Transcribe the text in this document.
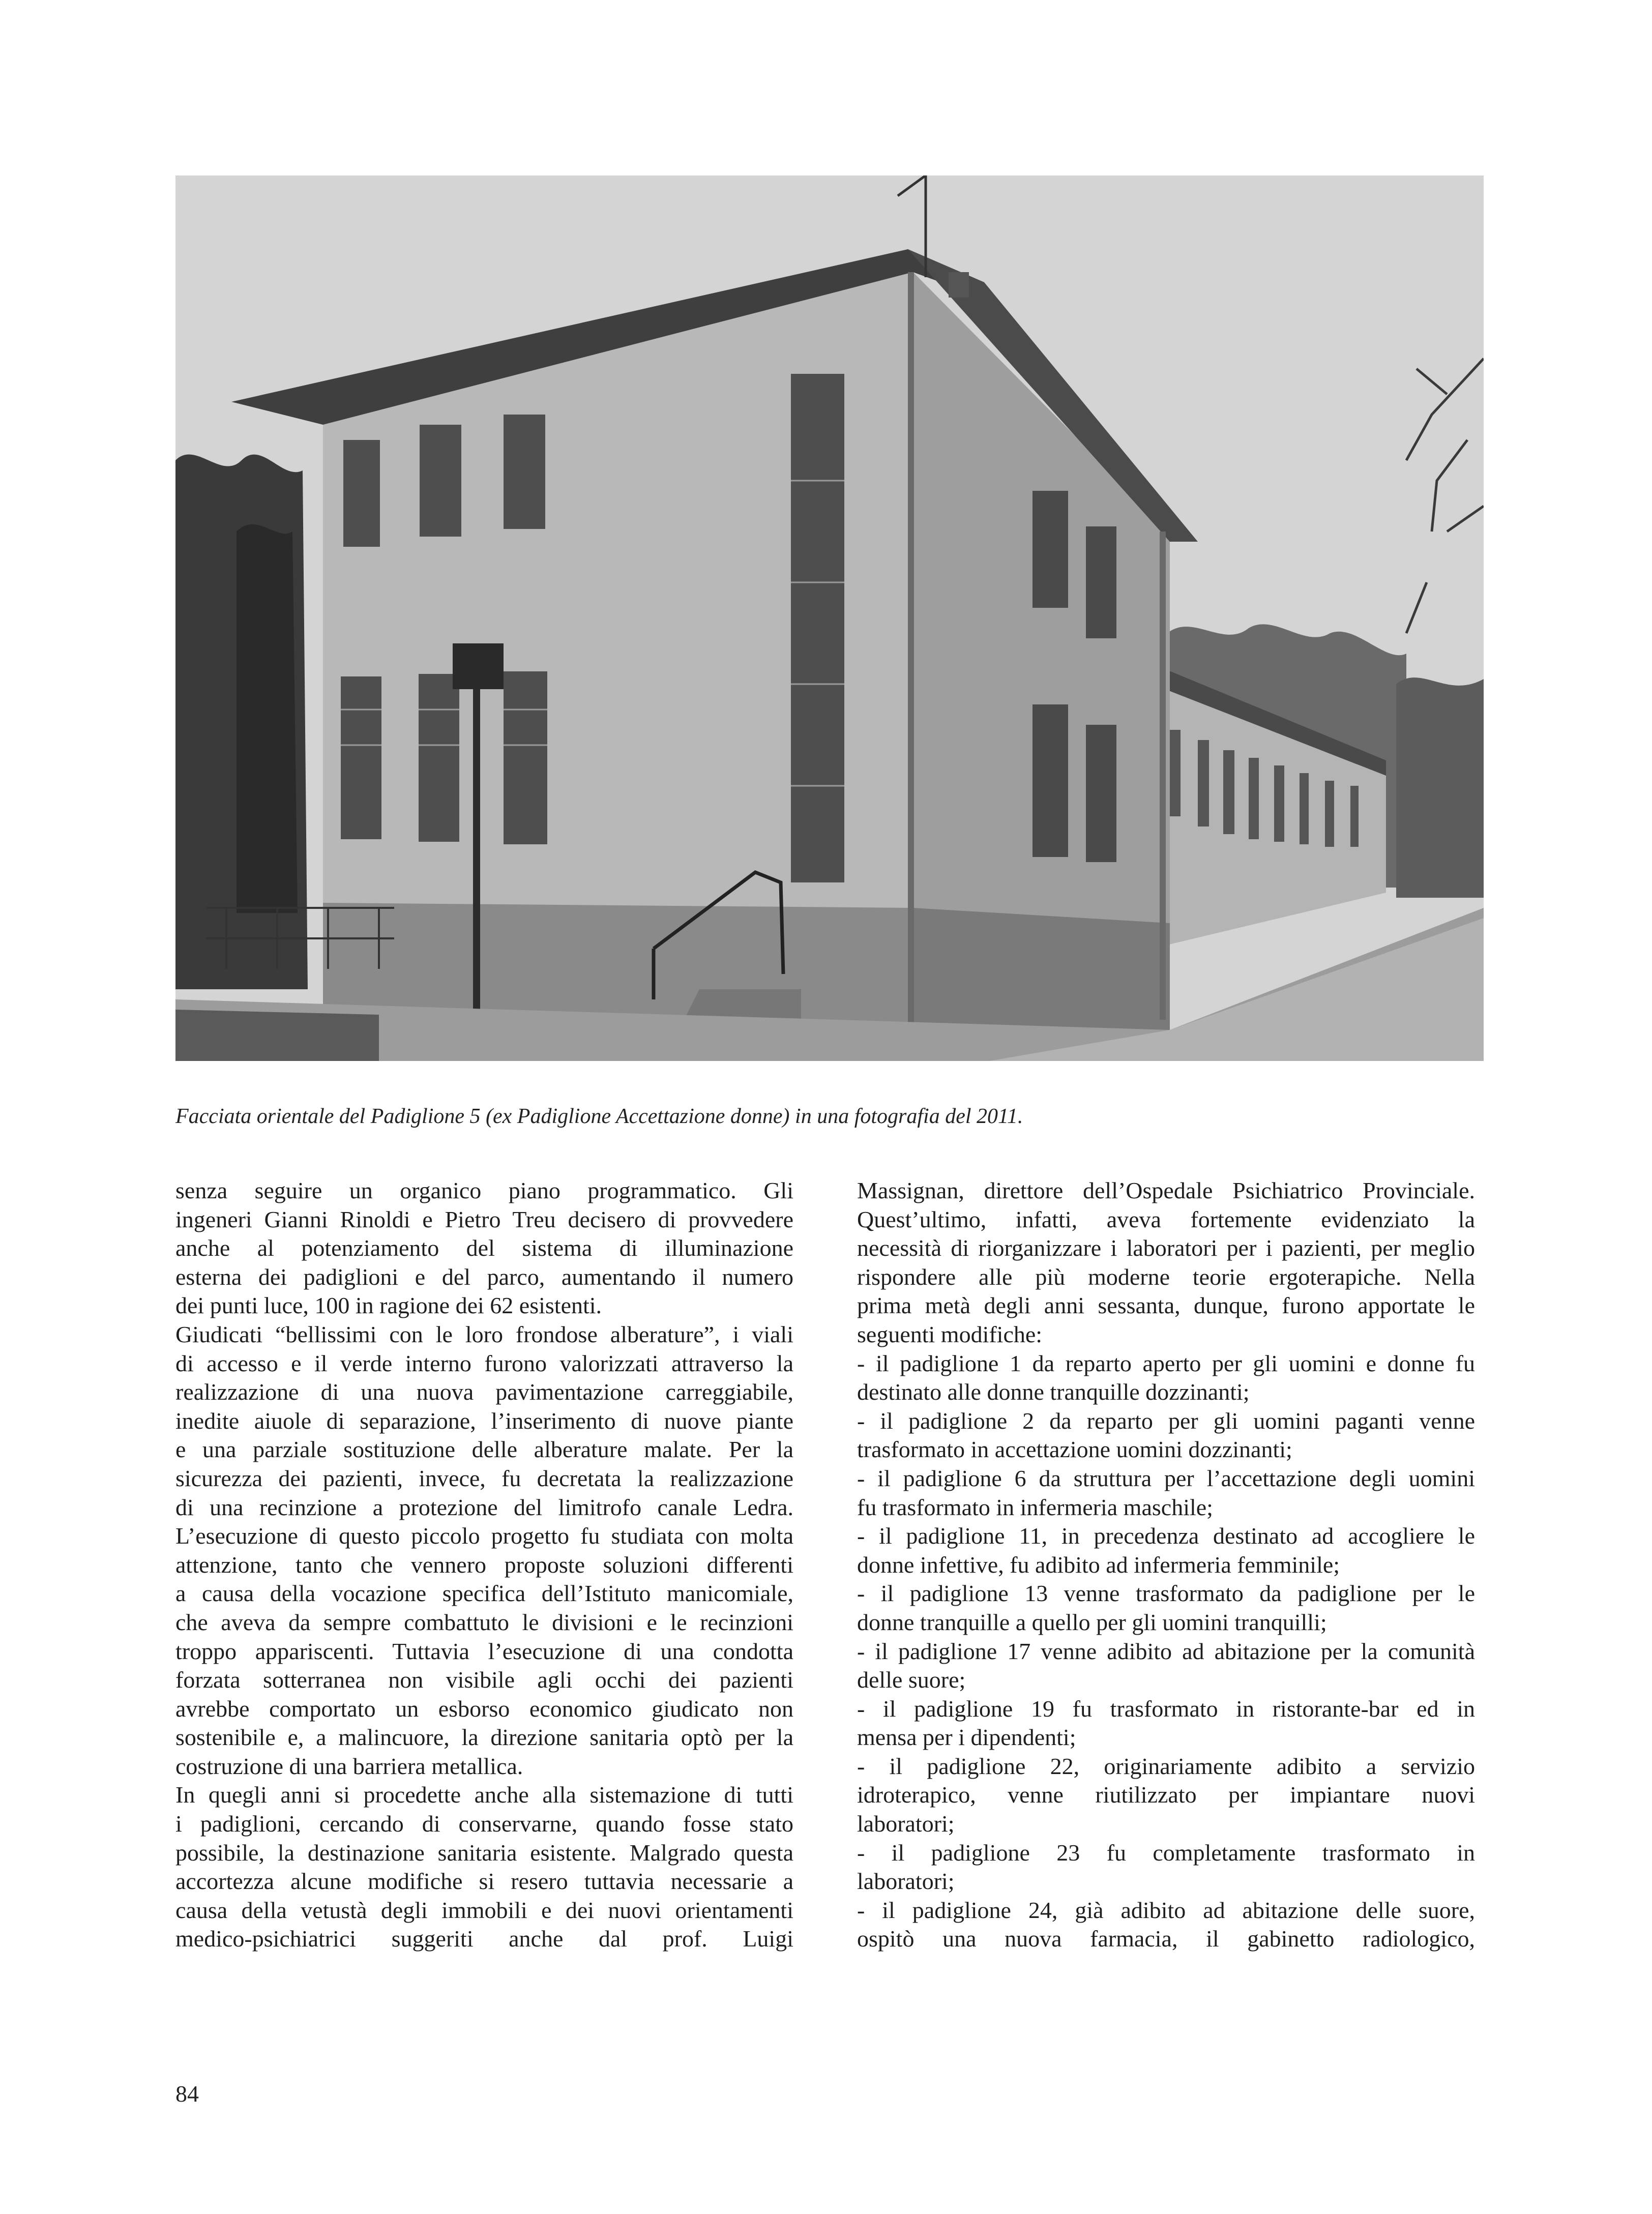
Facciata orientale del Padiglione 5 (ex Padiglione Accettazione donne) in una fotografia del 2011.
senza seguire un organico piano programmatico. Gli
ingeneri Gianni Rinoldi e Pietro Treu decisero di provvedere
anche al potenziamento del sistema di illuminazione
esterna dei padiglioni e del parco, aumentando il numero
dei punti luce, 100 in ragione dei 62 esistenti.
Giudicati “bellissimi con le loro frondose alberature”, i viali
di accesso e il verde interno furono valorizzati attraverso la
realizzazione di una nuova pavimentazione carreggiabile,
inedite aiuole di separazione, l’inserimento di nuove piante
e una parziale sostituzione delle alberature malate. Per la
sicurezza dei pazienti, invece, fu decretata la realizzazione
di una recinzione a protezione del limitrofo canale Ledra.
L’esecuzione di questo piccolo progetto fu studiata con molta
attenzione, tanto che vennero proposte soluzioni differenti
a causa della vocazione specifica dell’Istituto manicomiale,
che aveva da sempre combattuto le divisioni e le recinzioni
troppo appariscenti. Tuttavia l’esecuzione di una condotta
forzata sotterranea non visibile agli occhi dei pazienti
avrebbe comportato un esborso economico giudicato non
sostenibile e, a malincuore, la direzione sanitaria optò per la
costruzione di una barriera metallica.
In quegli anni si procedette anche alla sistemazione di tutti
i padiglioni, cercando di conservarne, quando fosse stato
possibile, la destinazione sanitaria esistente. Malgrado questa
accortezza alcune modifiche si resero tuttavia necessarie a
causa della vetustà degli immobili e dei nuovi orientamenti
medico-psichiatrici suggeriti anche dal prof. Luigi
Massignan, direttore dell’Ospedale Psichiatrico Provinciale.
Quest’ultimo, infatti, aveva fortemente evidenziato la
necessità di riorganizzare i laboratori per i pazienti, per meglio
rispondere alle più moderne teorie ergoterapiche. Nella
prima metà degli anni sessanta, dunque, furono apportate le
seguenti modifiche:
- il padiglione 1 da reparto aperto per gli uomini e donne fu
destinato alle donne tranquille dozzinanti;
- il padiglione 2 da reparto per gli uomini paganti venne
trasformato in accettazione uomini dozzinanti;
- il padiglione 6 da struttura per l’accettazione degli uomini
fu trasformato in infermeria maschile;
- il padiglione 11, in precedenza destinato ad accogliere le
donne infettive, fu adibito ad infermeria femminile;
- il padiglione 13 venne trasformato da padiglione per le
donne tranquille a quello per gli uomini tranquilli;
- il padiglione 17 venne adibito ad abitazione per la comunità
delle suore;
- il padiglione 19 fu trasformato in ristorante-bar ed in
mensa per i dipendenti;
- il padiglione 22, originariamente adibito a servizio
idroterapico, venne riutilizzato per impiantare nuovi
laboratori;
- il padiglione 23 fu completamente trasformato in
laboratori;
- il padiglione 24, già adibito ad abitazione delle suore,
ospitò una nuova farmacia, il gabinetto radiologico,
84
